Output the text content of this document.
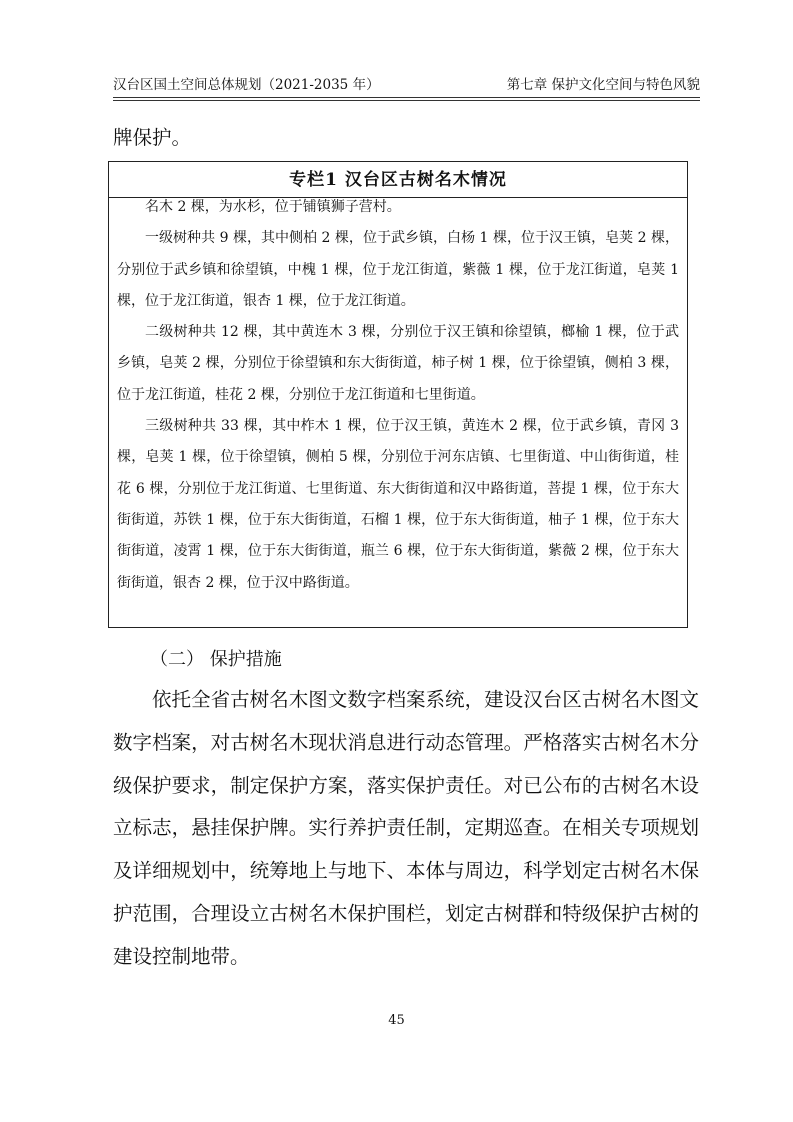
汉台区国土空间总体规划（2021-2035 年）	第七章 保护文化空间与特色风貌
牌保护。
专栏1 汉台区古树名木情况

名木 2 棵，为水杉，位于铺镇狮子营村。

一级树种共 9 棵，其中侧柏 2 棵，位于武乡镇，白杨 1 棵，位于汉王镇，皂荚 2 棵，分别位于武乡镇和徐望镇，中槐 1 棵，位于龙江街道，紫薇 1 棵，位于龙江街道，皂荚 1 棵，位于龙江街道，银杏 1 棵，位于龙江街道。

二级树种共 12 棵，其中黄连木 3 棵，分别位于汉王镇和徐望镇，榔榆 1 棵，位于武乡镇，皂荚 2 棵，分别位于徐望镇和东大街街道，柿子树 1 棵，位于徐望镇，侧柏 3 棵，位于龙江街道，桂花 2 棵，分别位于龙江街道和七里街道。

三级树种共 33 棵，其中柞木 1 棵，位于汉王镇，黄连木 2 棵，位于武乡镇，青冈 3 棵，皂荚 1 棵，位于徐望镇，侧柏 5 棵，分别位于河东店镇、七里街道、中山街街道，桂花 6 棵，分别位于龙江街道、七里街道、东大街街道和汉中路街道，菩提 1 棵，位于东大街街道，苏铁 1 棵，位于东大街街道，石榴 1 棵，位于东大街街道，柚子 1 棵，位于东大街街道，凌霄 1 棵，位于东大街街道，瓶兰 6 棵，位于东大街街道，紫薇 2 棵，位于东大街街道，银杏 2 棵，位于汉中路街道。

（二） 保护措施

依托全省古树名木图文数字档案系统，建设汉台区古树名木图文数字档案，对古树名木现状消息进行动态管理。严格落实古树名木分级保护要求，制定保护方案，落实保护责任。对已公布的古树名木设立标志，悬挂保护牌。实行养护责任制，定期巡查。在相关专项规划及详细规划中，统筹地上与地下、本体与周边，科学划定古树名木保护范围，合理设立古树名木保护围栏，划定古树群和特级保护古树的建设控制地带。

45
